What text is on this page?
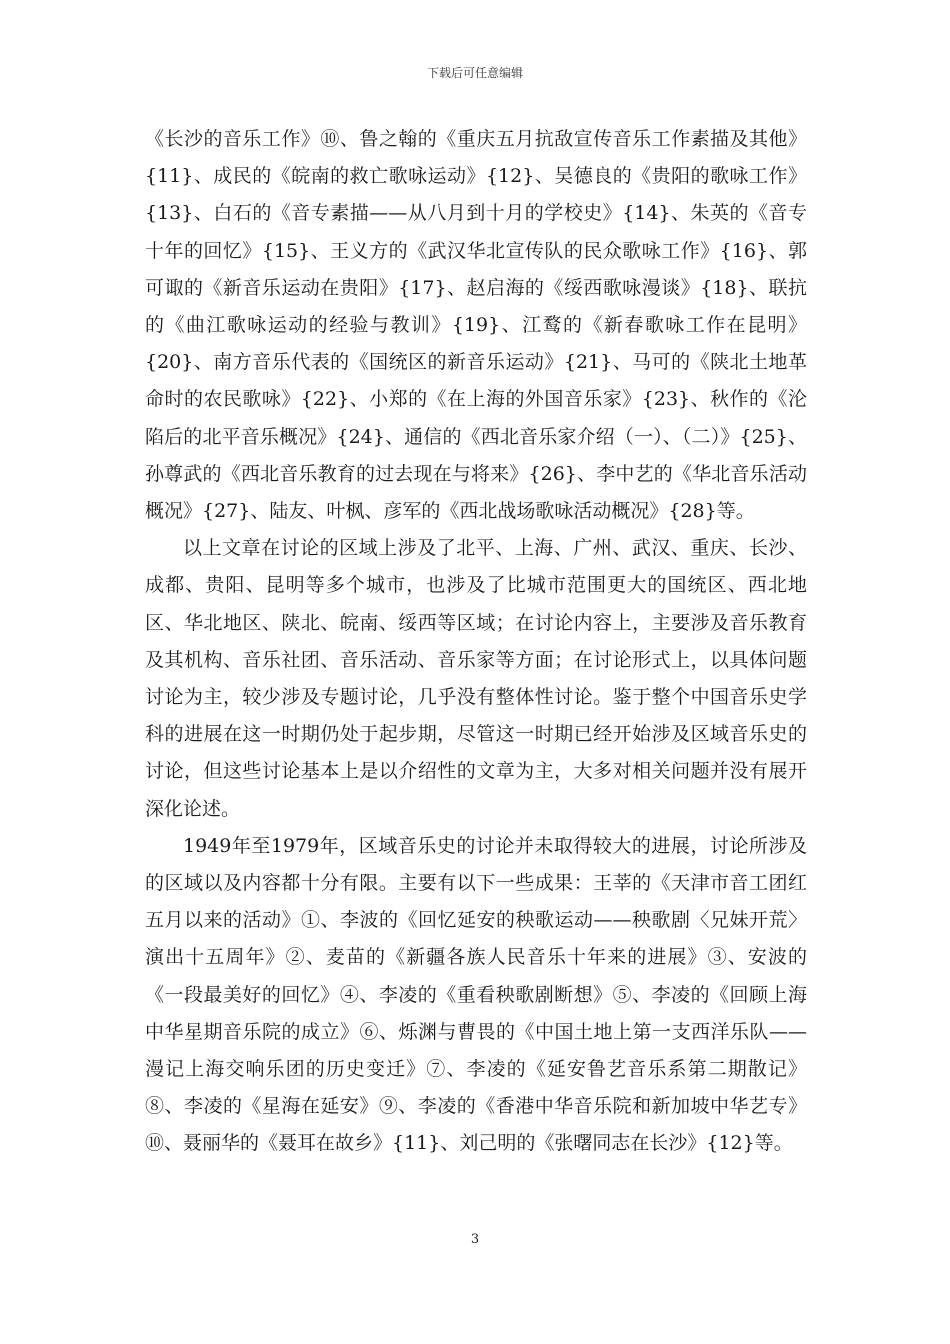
下载后可任意编辑

《长沙的音乐工作》⑩、鲁之翰的《重庆五月抗敌宣传音乐工作素描及其他》{11}、成民的《皖南的救亡歌咏运动》{12}、吴德良的《贵阳的歌咏工作》{13}、白石的《音专素描——从八月到十月的学校史》{14}、朱英的《音专十年的回忆》{15}、王义方的《武汉华北宣传队的民众歌咏工作》{16}、郭可诹的《新音乐运动在贵阳》{17}、赵启海的《绥西歌咏漫谈》{18}、联抗的《曲江歌咏运动的经验与教训》{19}、江鹜的《新春歌咏工作在昆明》{20}、南方音乐代表的《国统区的新音乐运动》{21}、马可的《陕北土地革命时的农民歌咏》{22}、小郑的《在上海的外国音乐家》{23}、秋作的《沦陷后的北平音乐概况》{24}、通信的《西北音乐家介绍（一）、（二）》{25}、孙尊武的《西北音乐教育的过去现在与将来》{26}、李中艺的《华北音乐活动概况》{27}、陆友、叶枫、彦军的《西北战场歌咏活动概况》{28}等。

以上文章在讨论的区域上涉及了北平、上海、广州、武汉、重庆、长沙、成都、贵阳、昆明等多个城市，也涉及了比城市范围更大的国统区、西北地区、华北地区、陕北、皖南、绥西等区域；在讨论内容上，主要涉及音乐教育及其机构、音乐社团、音乐活动、音乐家等方面；在讨论形式上，以具体问题讨论为主，较少涉及专题讨论，几乎没有整体性讨论。鉴于整个中国音乐史学科的进展在这一时期仍处于起步期，尽管这一时期已经开始涉及区域音乐史的讨论，但这些讨论基本上是以介绍性的文章为主，大多对相关问题并没有展开深化论述。

1949年至1979年，区域音乐史的讨论并未取得较大的进展，讨论所涉及的区域以及内容都十分有限。主要有以下一些成果：王莘的《天津市音工团红五月以来的活动》①、李波的《回忆延安的秧歌运动——秧歌剧〈兄妹开荒〉演出十五周年》②、麦苗的《新疆各族人民音乐十年来的进展》③、安波的《一段最美好的回忆》④、李凌的《重看秧歌剧断想》⑤、李凌的《回顾上海中华星期音乐院的成立》⑥、烁渊与曹畏的《中国土地上第一支西洋乐队——漫记上海交响乐团的历史变迁》⑦、李凌的《延安鲁艺音乐系第二期散记》⑧、李凌的《星海在延安》⑨、李凌的《香港中华音乐院和新加坡中华艺专》⑩、聂丽华的《聂耳在故乡》{11}、刘己明的《张曙同志在长沙》{12}等。

3
